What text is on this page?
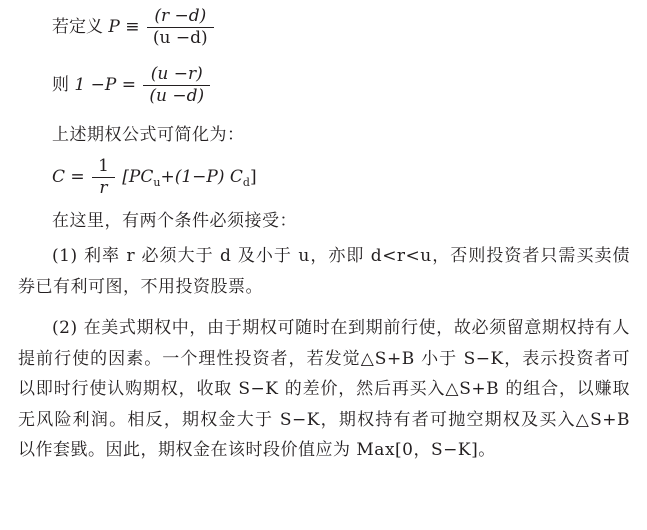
若定义 $P \equiv \frac{(r -d)}{(u -d)}$
则 $1 -P = \frac{(u -r)}{(u -d)}$
上述期权公式可简化为：
$C = \frac{1}{r} [PC_u+(1-P)$ $C_d$]
在这里，有两个条件必须接受：
(1) 利率 r 必须大于 d 及小于 u，亦即 d<r<u，否则投资者只需买卖债券已有利可图，不用投资股票。
(2) 在美式期权中，由于期权可随时在到期前行使，故必须留意期权持有人提前行使的因素。一个理性投资者，若发觉△S+B 小于 S−K，表示投资者可以即时行使认购期权，收取 S−K 的差价，然后再买入△S+B 的组合，以赚取无风险利润。相反，期权金大于 S−K，期权持有者可抛空期权及买入△S+B 以作套戥。因此，期权金在该时段价值应为 Max[0，S−K]。
